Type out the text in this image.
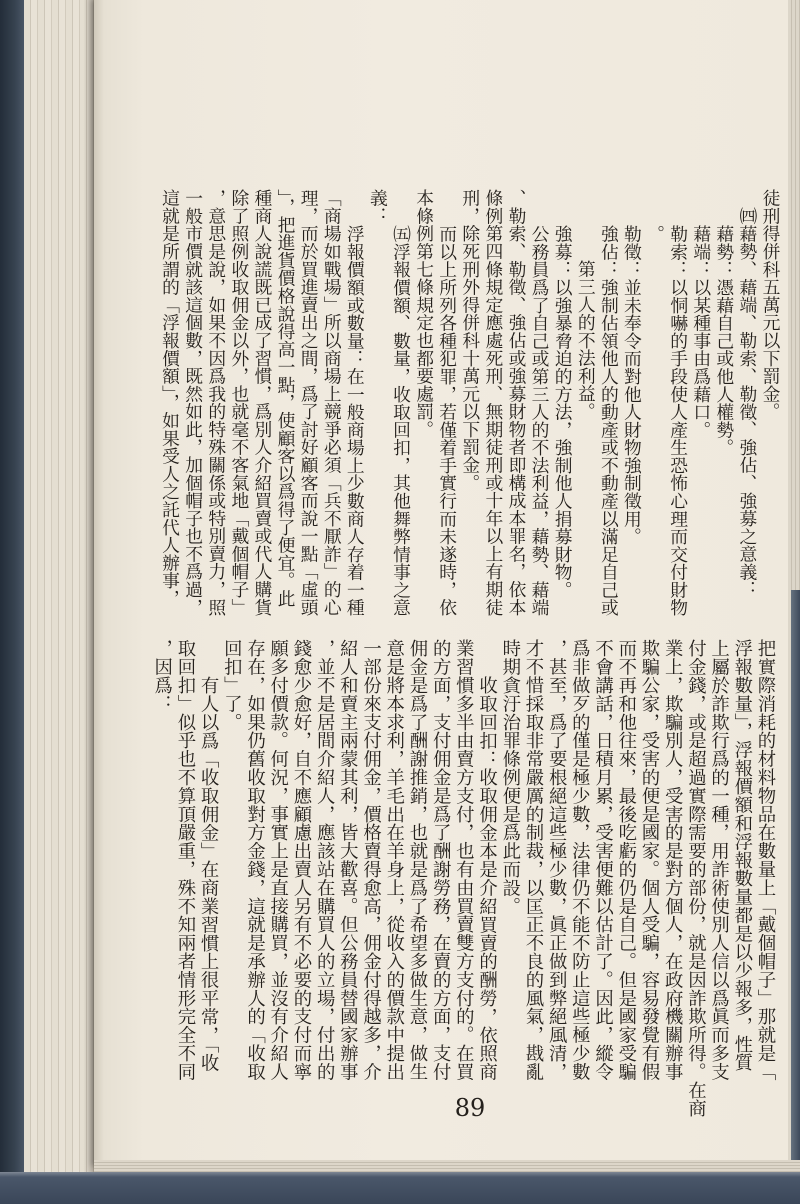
徒刑得併科五萬元以下罰金。
㈣藉勢、藉端、勒索、勒徵、強佔、強募之意義：
藉勢：憑藉自己或他人權勢。
藉端：以某種事由爲藉口。
勒索：以恫嚇的手段使人產生恐怖心理而交付財物
。
勒徵：並未奉令而對他人財物強制徵用。
強佔：強制佔領他人的動產或不動產以滿足自己或
第三人的不法利益。
強募：以強暴脅迫的方法，強制他人捐募財物。
公務員爲了自己或第三人的不法利益，藉勢、藉端
、勒索、勒徵、強佔或強募財物者即構成本罪名，依本
條例第四條規定應處死刑、無期徒刑或十年以上有期徒
刑，除死刑外得併科十萬元以下罰金。
而以上所列各種犯罪，若僅着手實行而未遂時，依
本條例第七條規定也都要處罰。
㈤浮報價額、數量，收取回扣，其他舞弊情事之意
義：
浮報價額或數量：在一般商場上少數商人存着一種
「商場如戰場」所以商場上競爭必須「兵不厭詐」的心
理，而於買進賣出之間，爲了討好顧客而說一點「虛頭
」，把進貨價格說得高一點，使顧客以爲得了便宜。此
種商人說謊既已成了習慣，爲別人介紹買賣或代人購貨
除了照例收取佣金以外，也就毫不客氣地「戴個帽子」
，意思是說，如果不因爲我的特殊關係或特別賣力，照
一般市價就該這個數，既然如此，加個帽子也不爲過，
這就是所謂的「浮報價額」，如果受人之託代人辦事，
把實際消耗的材料物品在數量上「戴個帽子」那就是「
浮報數量」，浮報價額和浮報數量都是以少報多，性質
上屬於詐欺行爲的一種，用詐術使別人信以爲眞而多支
付金錢，或是超過實際需要的部份，就是因詐欺所得。在商
業上，欺騙別人，受害的是對方個人，在政府機關辦事
欺騙公家，受害的便是國家。個人受騙，容易發覺有假
而不再和他往來，最後吃虧的仍是自己。但是國家受騙
不會講話，日積月累，受害便難以估計了。因此，縱令
爲非做歹的僅是極少數，法律仍不能不防止這些極少數
，甚至，爲了要根絕這些極少數，眞正做到弊絕風清，
才不惜採取非常嚴厲的制裁，以匡正不良的風氣，戡亂
時期貪汙治罪條例便是爲此而設。
收取回扣：收取佣金本是介紹買賣的酬勞，依照商
業習慣多半由賣方支付，也有由買賣雙方支付的。在買
的方面，支付佣金是爲了酬謝勞務，在賣的方面，支付
佣金是爲了酬謝推銷，也就是爲了希望多做生意，做生
意是將本求利，羊毛出在羊身上，從收入的價款中提出
一部份來支付佣金，價格賣得愈高，佣金付得越多，介
紹人和賣主兩蒙其利，皆大歡喜。但公務員替國家辦事
，並不是居間介紹人，應該站在購買人的立場，付出的
錢愈少愈好，自不應顧慮出賣人另有不必要的支付而寧
願多付價款。何況，事實上是直接購買，並沒有介紹人
存在，如果仍舊收取對方金錢，這就是承辦人的「收取
回扣」了。
有人以爲「收取佣金」在商業習慣上很平常，「收
取回扣」似乎也不算頂嚴重，殊不知兩者情形完全不同
，因爲：
89
